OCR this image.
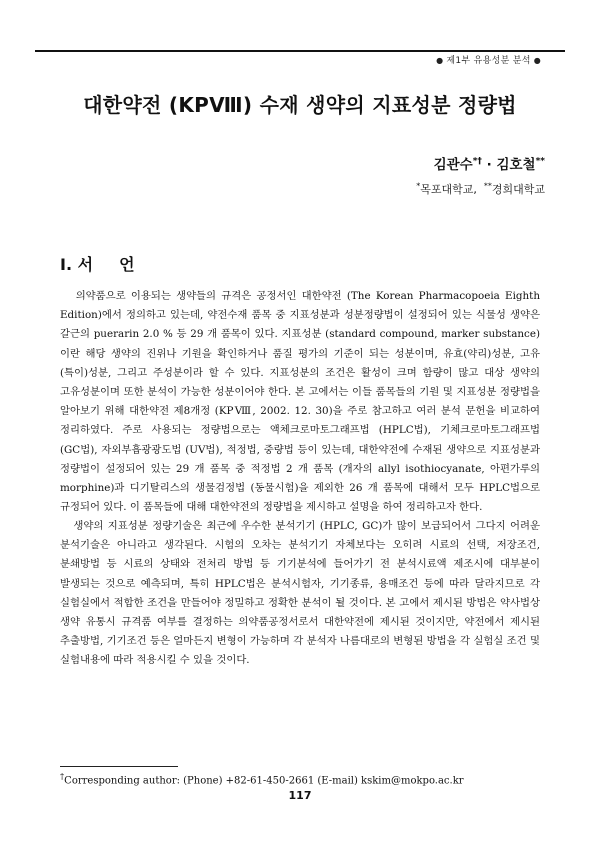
● 제1부 유용성분 분석 ●
대한약전 (KPⅧ) 수재 생약의 지표성분 정량법
김관수*† · 김호철**
*목포대학교, **경희대학교
I. 서 언

의약품으로 이용되는 생약들의 규격은 공정서인 대한약전 (The Korean Pharmacopoeia Eighth Edition)에서 정의하고 있는데, 약전수재 품목 중 지표성분과 성분정량법이 설정되어 있는 식물성 생약은 갈근의 puerarin 2.0 % 등 29 개 품목이 있다. 지표성분 (standard compound, marker substance)이란 해당 생약의 진위나 기원을 확인하거나 품질 평가의 기준이 되는 성분이며, 유효(약리)성분, 고유(특이)성분, 그리고 주성분이라 할 수 있다. 지표성분의 조건은 활성이 크며 함량이 많고 대상 생약의 고유성분이며 또한 분석이 가능한 성분이어야 한다. 본 고에서는 이들 품목들의 기원 및 지표성분 정량법을 알아보기 위해 대한약전 제8개정 (KPⅧ, 2002. 12. 30)을 주로 참고하고 여러 분석 문헌을 비교하여 정리하였다. 주로 사용되는 정량법으로는 액체크로마토그래프법 (HPLC법), 기체크로마토그래프법 (GC법), 자외부흡광광도법 (UV법), 적정법, 중량법 등이 있는데, 대한약전에 수재된 생약으로 지표성분과 정량법이 설정되어 있는 29 개 품목 중 적정법 2 개 품목 (개자의 allyl isothiocyanate, 아편가루의 morphine)과 디기탈리스의 생물검정법 (동물시험)을 제외한 26 개 품목에 대해서 모두 HPLC법으로 규정되어 있다. 이 품목들에 대해 대한약전의 정량법을 제시하고 설명을 하여 정리하고자 한다.

생약의 지표성분 정량기술은 최근에 우수한 분석기기 (HPLC, GC)가 많이 보급되어서 그다지 어려운 분석기술은 아니라고 생각된다. 시험의 오차는 분석기기 자체보다는 오히려 시료의 선택, 저장조건, 분쇄방법 등 시료의 상태와 전처리 방법 등 기기분석에 들어가기 전 분석시료액 제조시에 대부분이 발생되는 것으로 예측되며, 특히 HPLC법은 분석시험자, 기기종류, 용매조건 등에 따라 달라지므로 각 실험실에서 적합한 조건을 만들어야 정밀하고 정확한 분석이 될 것이다. 본 고에서 제시된 방법은 약사법상 생약 유통시 규격품 여부를 결정하는 의약품공정서로서 대한약전에 제시된 것이지만, 약전에서 제시된 추출방법, 기기조건 등은 얼마든지 변형이 가능하며 각 분석자 나름대로의 변형된 방법을 각 실험실 조건 및 실험내용에 따라 적용시킬 수 있을 것이다.

†Corresponding author: (Phone) +82-61-450-2661 (E-mail) kskim@mokpo.ac.kr
117
